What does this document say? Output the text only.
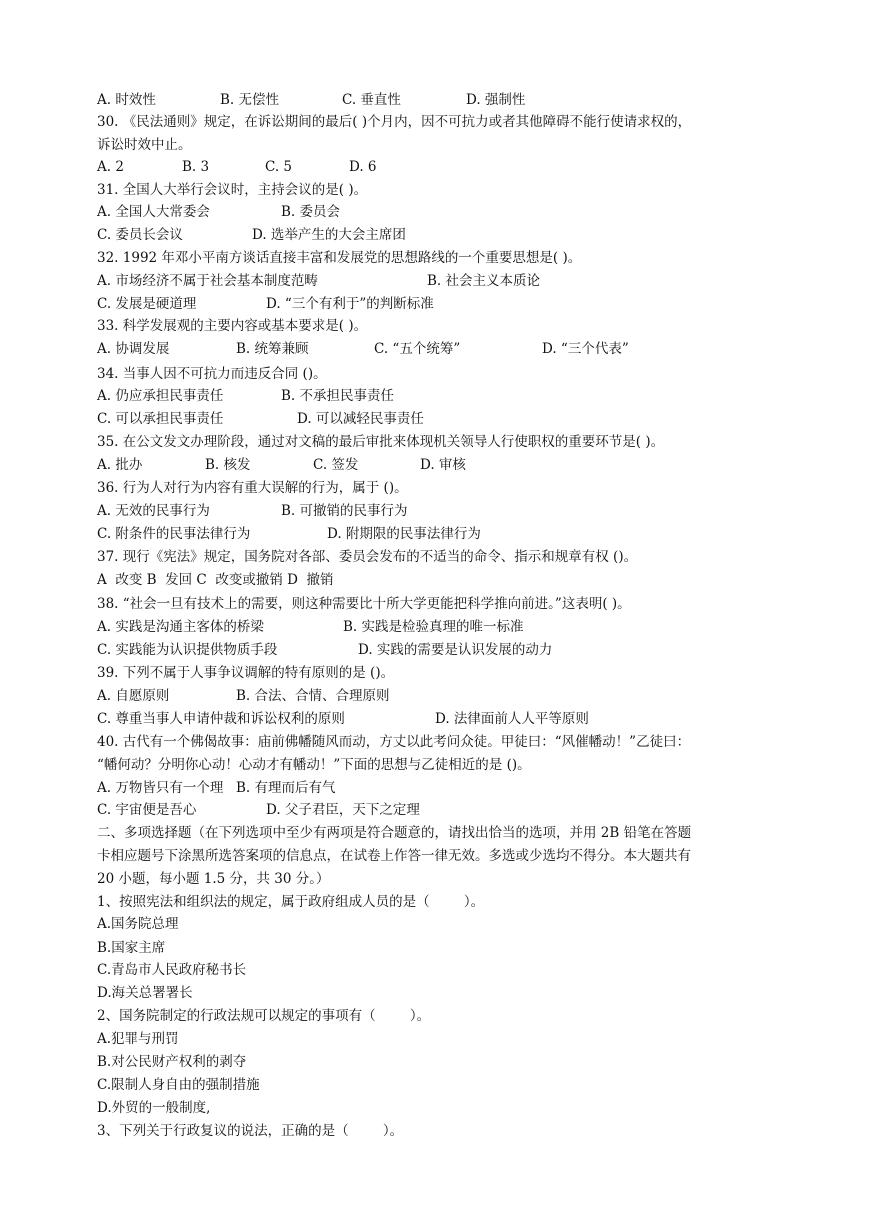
A. 时效性	B. 无偿性	C. 垂直性	D. 强制性
30. 《民法通则》规定，在诉讼期间的最后( )个月内，因不可抗力或者其他障碍不能行使请求权的，
诉讼时效中止。
A. 2	B. 3	C. 5	D. 6
31. 全国人大举行会议时，主持会议的是( )。
A. 全国人大常委会	B. 委员会
C. 委员长会议	D. 选举产生的大会主席团
32. 1992 年邓小平南方谈话直接丰富和发展党的思想路线的一个重要思想是( )。
A. 市场经济不属于社会基本制度范畴	B. 社会主义本质论
C. 发展是硬道理	D. “三个有利于”的判断标准
33. 科学发展观的主要内容或基本要求是( )。
A. 协调发展	B. 统筹兼顾	C. “五个统筹”	D. “三个代表”
34. 当事人因不可抗力而违反合同 ()。
A. 仍应承担民事责任	B. 不承担民事责任
C. 可以承担民事责任	D. 可以减轻民事责任
35. 在公文发文办理阶段，通过对文稿的最后审批来体现机关领导人行使职权的重要环节是( )。
A. 批办	B. 核发	C. 签发	D. 审核
36. 行为人对行为内容有重大误解的行为，属于 ()。
A. 无效的民事行为	B. 可撤销的民事行为
C. 附条件的民事法律行为	D. 附期限的民事法律行为
37. 现行《宪法》规定，国务院对各部、委员会发布的不适当的命令、指示和规章有权 ()。
A  改变 B  发回 C  改变或撤销 D  撤销
38. “社会一旦有技术上的需要，则这种需要比十所大学更能把科学推向前进。”这表明( )。
A. 实践是沟通主客体的桥梁	B. 实践是检验真理的唯一标准
C. 实践能为认识提供物质手段	D. 实践的需要是认识发展的动力
39. 下列不属于人事争议调解的特有原则的是 ()。
A. 自愿原则	B. 合法、合情、合理原则
C. 尊重当事人申请仲裁和诉讼权利的原则	D. 法律面前人人平等原则
40. 古代有一个佛偈故事：庙前佛幡随风而动，方丈以此考问众徒。甲徒曰：“风催幡动！”乙徒曰：
“幡何动？分明你心动！心动才有幡动！”下面的思想与乙徒相近的是 ()。
A. 万物皆只有一个理 B. 有理而后有气
C. 宇宙便是吾心	D. 父子君臣，天下之定理
二、多项选择题（在下列选项中至少有两项是符合题意的，请找出恰当的选项，并用 2B 铅笔在答题
卡相应题号下涂黑所选答案项的信息点，在试卷上作答一律无效。多选或少选均不得分。本大题共有
20 小题，每小题 1.5 分，共 30 分。）
1、按照宪法和组织法的规定，属于政府组成人员的是（        ）。
A.国务院总理
B.国家主席
C.青岛市人民政府秘书长
D.海关总署署长
2、国务院制定的行政法规可以规定的事项有（        ）。
A.犯罪与刑罚
B.对公民财产权利的剥夺
C.限制人身自由的强制措施
D.外贸的一般制度,
3、下列关于行政复议的说法，正确的是（        ）。
